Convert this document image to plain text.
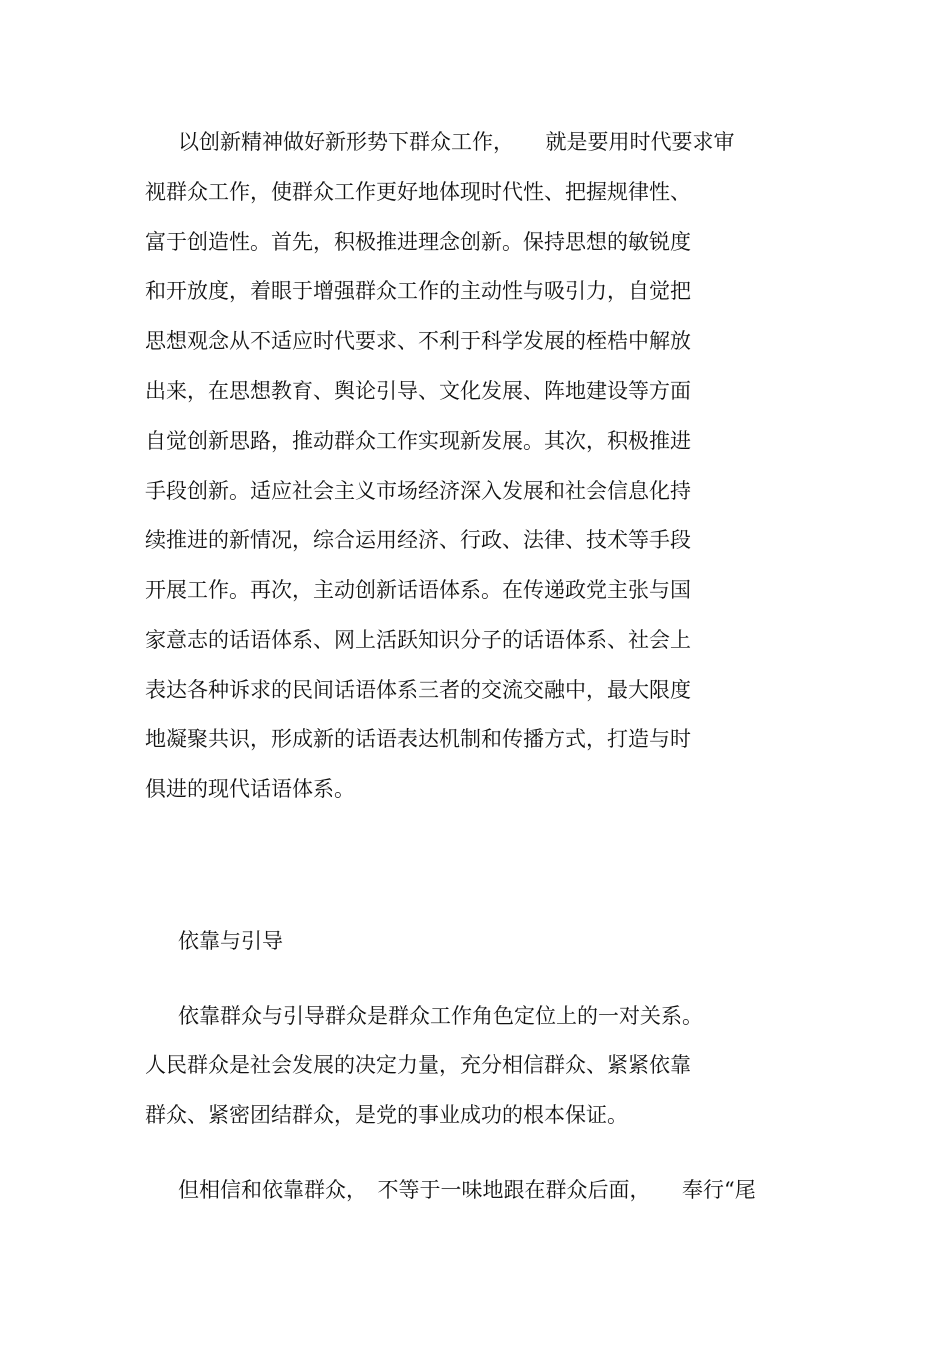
以创新精神做好新形势下群众工作，　　就是要用时代要求审
视群众工作，使群众工作更好地体现时代性、把握规律性、
富于创造性。首先，积极推进理念创新。保持思想的敏锐度
和开放度，着眼于增强群众工作的主动性与吸引力，自觉把
思想观念从不适应时代要求、不利于科学发展的桎梏中解放
出来，在思想教育、舆论引导、文化发展、阵地建设等方面
自觉创新思路，推动群众工作实现新发展。其次，积极推进
手段创新。适应社会主义市场经济深入发展和社会信息化持
续推进的新情况，综合运用经济、行政、法律、技术等手段
开展工作。再次，主动创新话语体系。在传递政党主张与国
家意志的话语体系、网上活跃知识分子的话语体系、社会上
表达各种诉求的民间话语体系三者的交流交融中，最大限度
地凝聚共识，形成新的话语表达机制和传播方式，打造与时
俱进的现代话语体系。
依靠与引导
依靠群众与引导群众是群众工作角色定位上的一对关系。
人民群众是社会发展的决定力量，充分相信群众、紧紧依靠
群众、紧密团结群众，是党的事业成功的根本保证。
但相信和依靠群众，　不等于一味地跟在群众后面，　　奉行“尾
